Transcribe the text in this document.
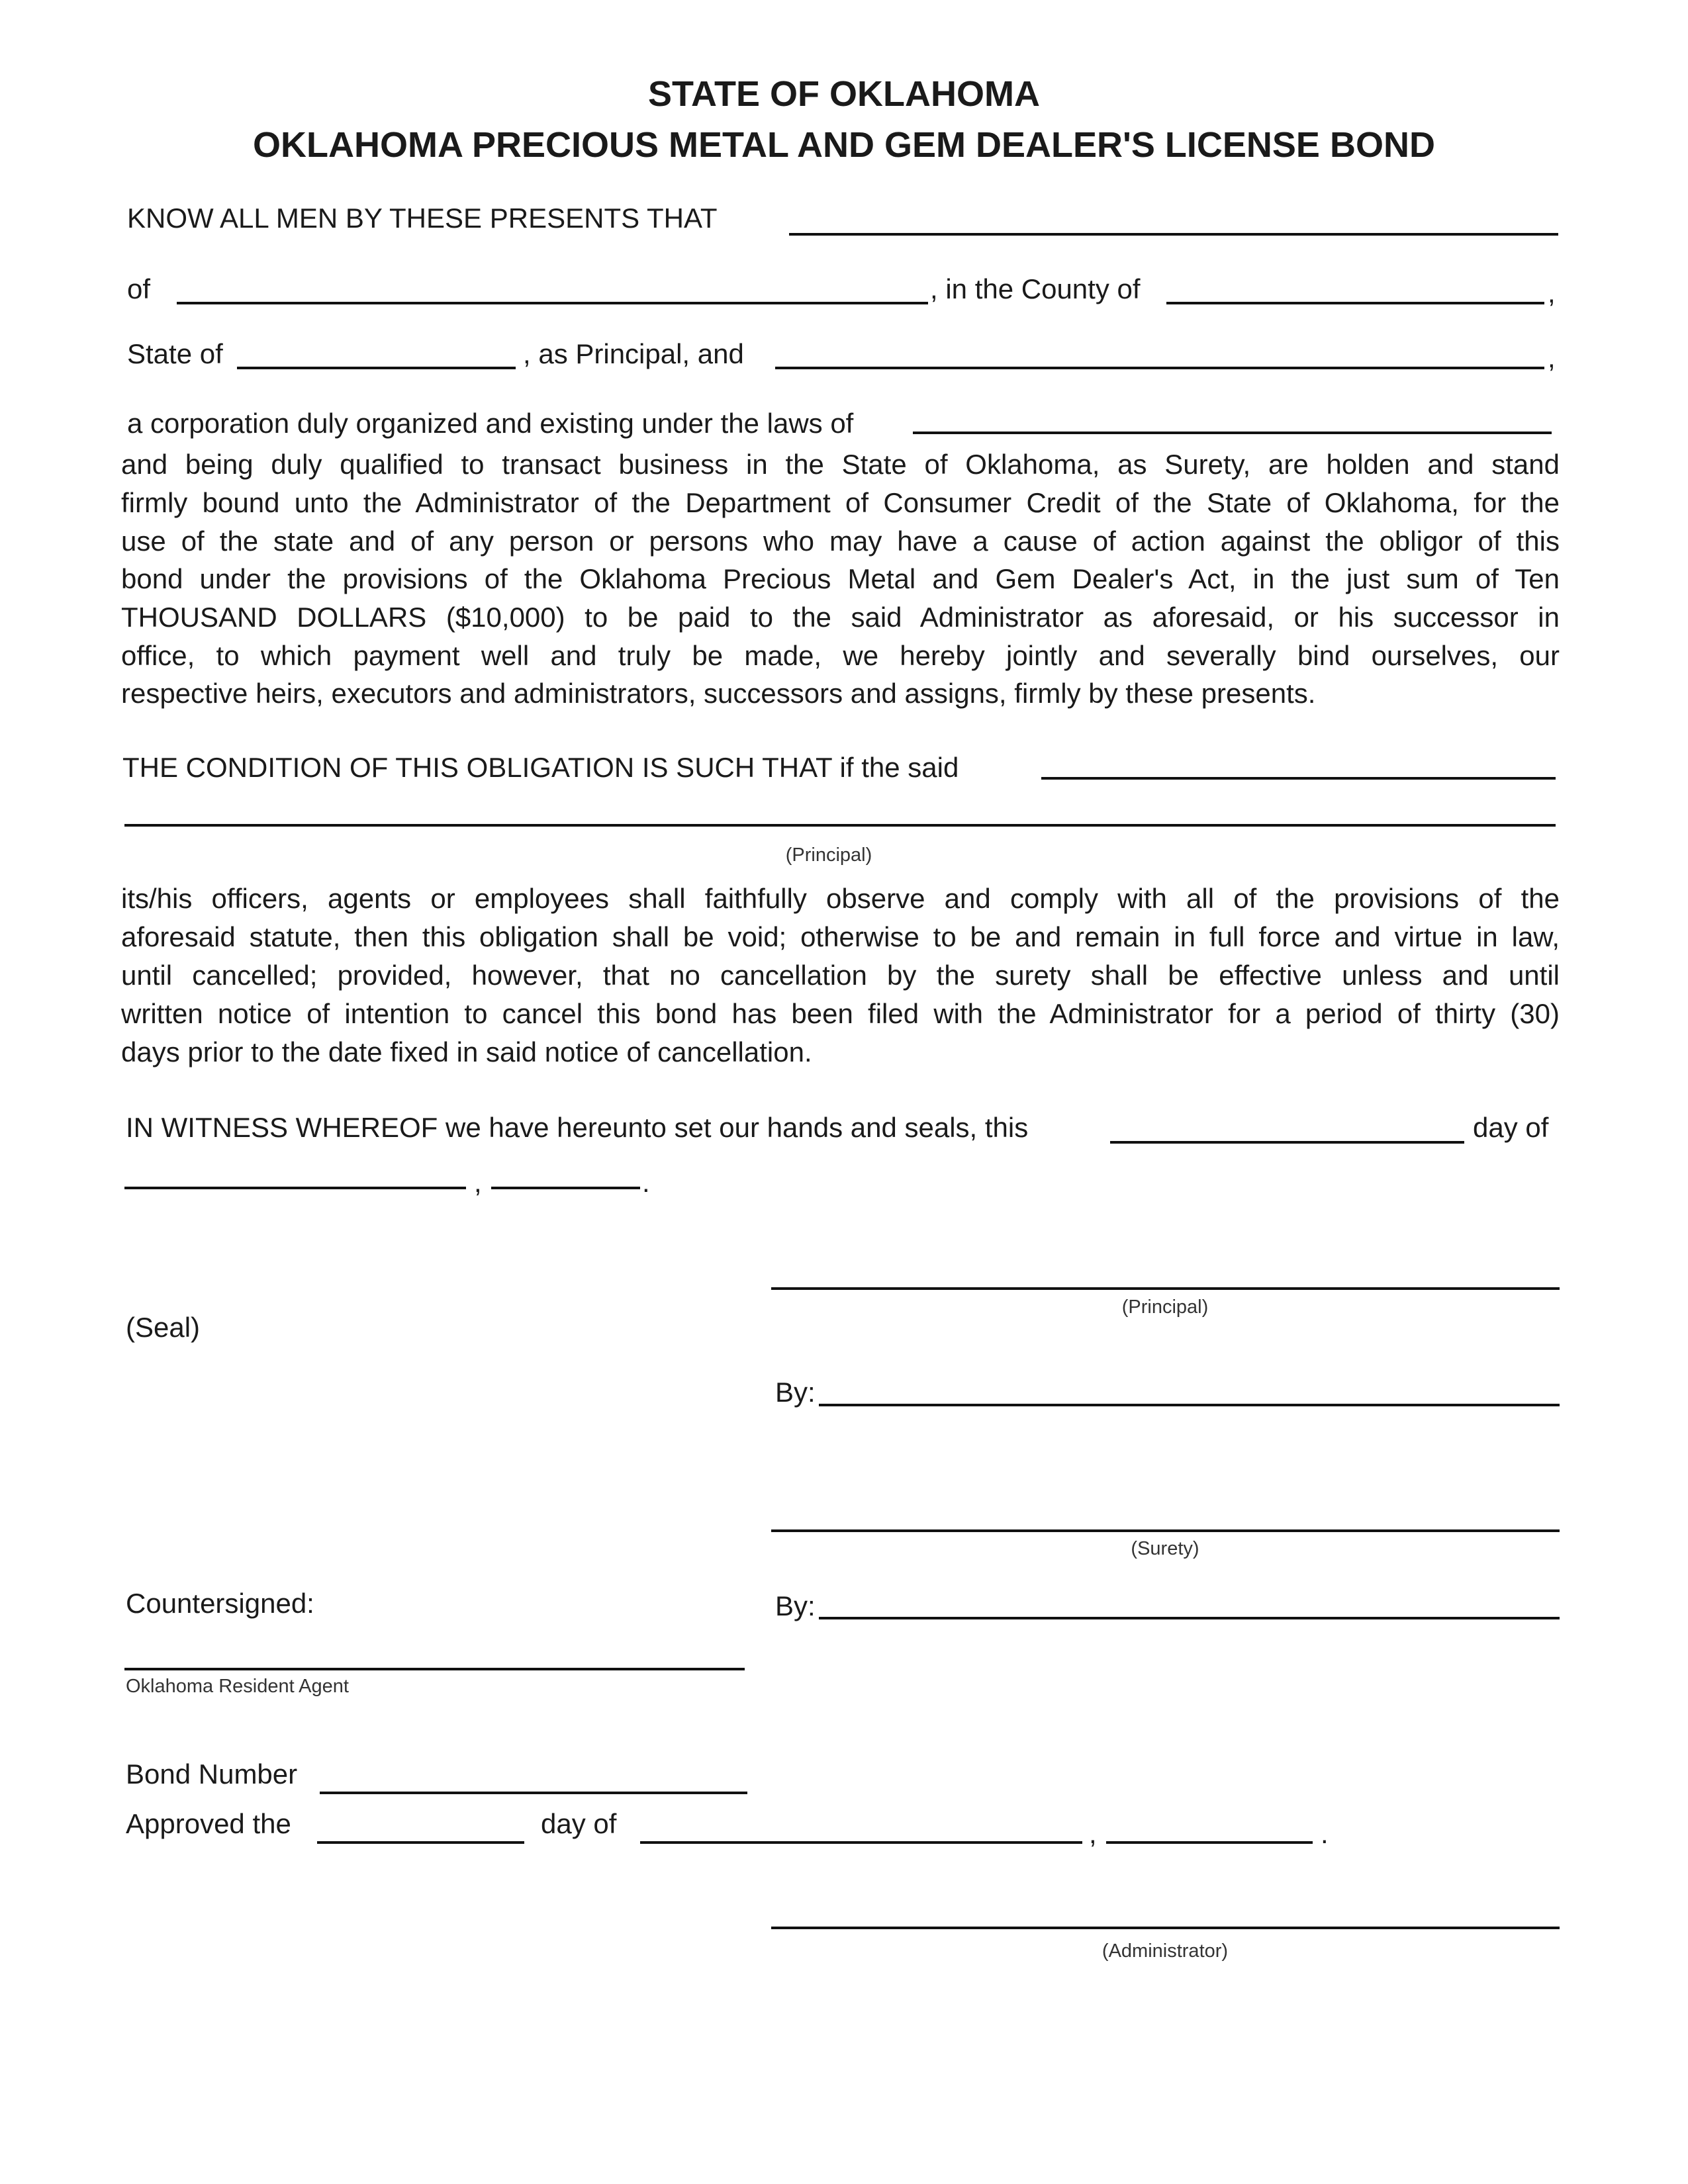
STATE OF OKLAHOMA
OKLAHOMA PRECIOUS METAL AND GEM DEALER'S LICENSE BOND
KNOW ALL MEN BY THESE PRESENTS THAT
of	, in the County of	,
State of	, as Principal, and	,
a corporation duly organized and existing under the laws of
and being duly qualified to transact business in the State of Oklahoma, as Surety, are holden and stand
firmly bound unto the Administrator of the Department of Consumer Credit of the State of Oklahoma, for the
use of the state and of any person or persons who may have a cause of action against the obligor of this
bond under the provisions of the Oklahoma Precious Metal and Gem Dealer's Act, in the just sum of Ten
THOUSAND DOLLARS ($10,000) to be paid to the said Administrator as aforesaid, or his successor in
office, to which payment well and truly be made, we hereby jointly and severally bind ourselves, our
respective heirs, executors and administrators, successors and assigns, firmly by these presents.
THE CONDITION OF THIS OBLIGATION IS SUCH THAT if the said
(Principal)
its/his officers, agents or employees shall faithfully observe and comply with all of the provisions of the
aforesaid statute, then this obligation shall be void; otherwise to be and remain in full force and virtue in law,
until cancelled; provided, however, that no cancellation by the surety shall be effective unless and until
written notice of intention to cancel this bond has been filed with the Administrator for a period of thirty (30)
days prior to the date fixed in said notice of cancellation.
IN WITNESS WHEREOF we have hereunto set our hands and seals, this	day of
,	.
(Principal)
(Seal)
By:
(Surety)
Countersigned:	By:
Oklahoma Resident Agent
Bond Number
Approved the	day of	,	.
(Administrator)
